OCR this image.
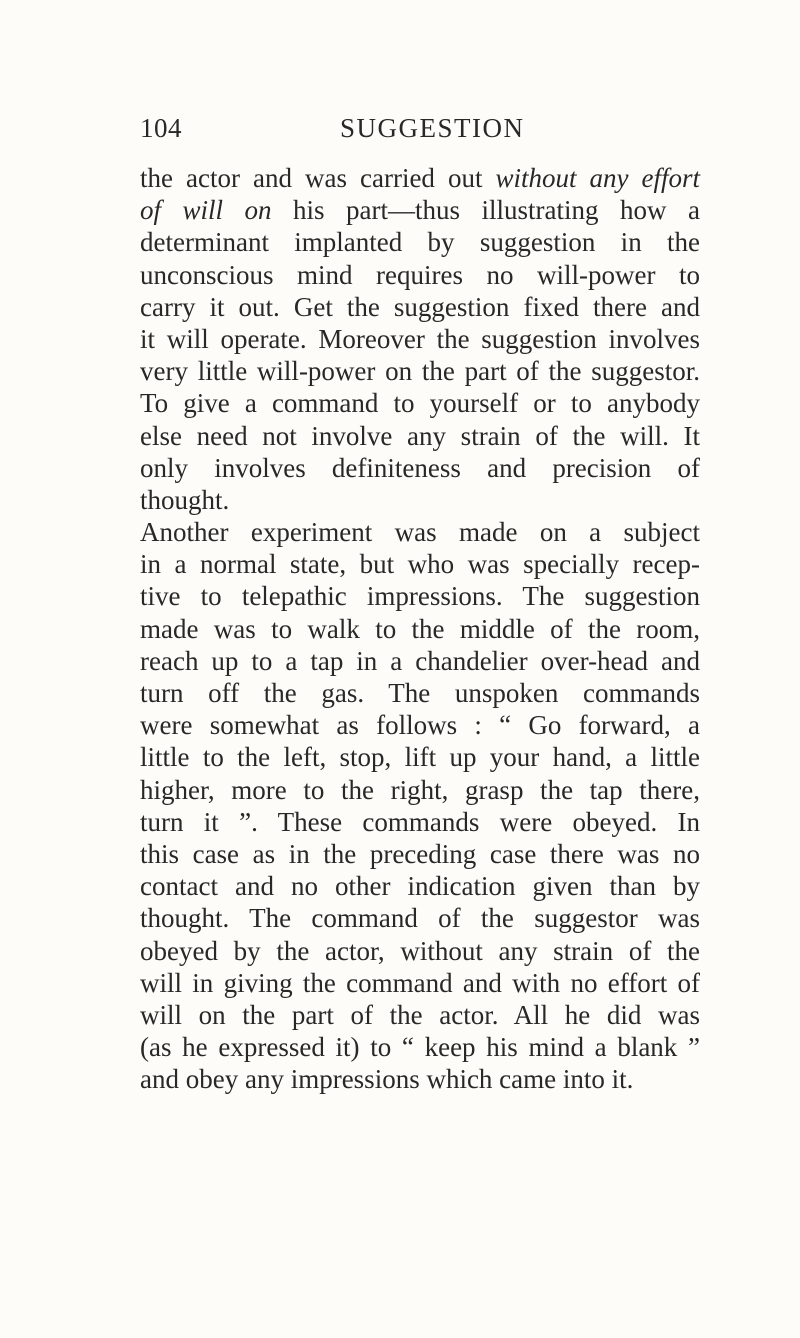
104	SUGGESTION
the actor and was carried out without any effort
of will on his part—thus illustrating how a
determinant implanted by suggestion in the
unconscious mind requires no will-power to
carry it out. Get the suggestion fixed there and
it will operate. Moreover the suggestion involves
very little will-power on the part of the suggestor.
To give a command to yourself or to anybody
else need not involve any strain of the will. It
only involves definiteness and precision of
thought.
Another experiment was made on a subject
in a normal state, but who was specially recep-
tive to telepathic impressions. The suggestion
made was to walk to the middle of the room,
reach up to a tap in a chandelier over-head and
turn off the gas. The unspoken commands
were somewhat as follows : “ Go forward, a
little to the left, stop, lift up your hand, a little
higher, more to the right, grasp the tap there,
turn it ”. These commands were obeyed. In
this case as in the preceding case there was no
contact and no other indication given than by
thought. The command of the suggestor was
obeyed by the actor, without any strain of the
will in giving the command and with no effort of
will on the part of the actor. All he did was
(as he expressed it) to “ keep his mind a blank ”
and obey any impressions which came into it.
